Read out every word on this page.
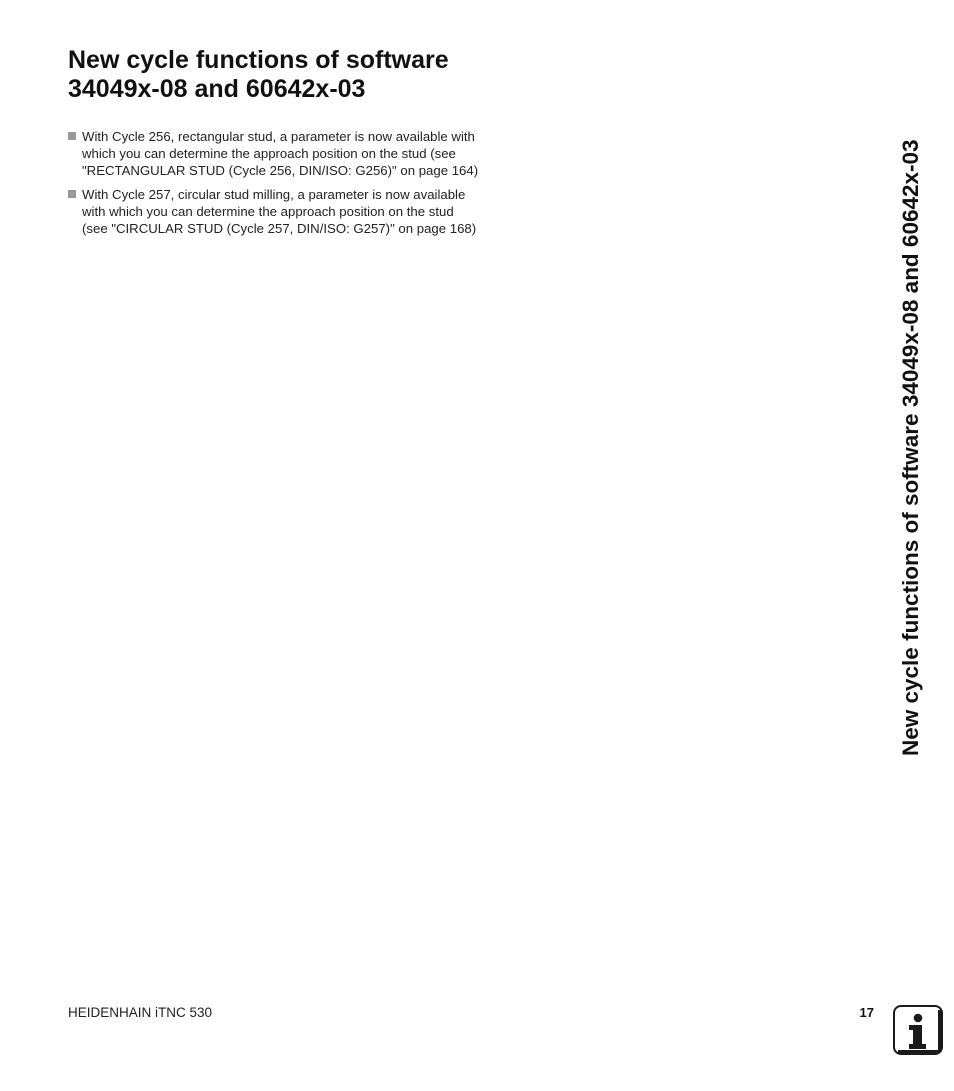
New cycle functions of software
34049x-08 and 60642x-03
With Cycle 256, rectangular stud, a parameter is now available with
which you can determine the approach position on the stud (see
"RECTANGULAR STUD (Cycle 256, DIN/ISO: G256)" on page 164)
With Cycle 257, circular stud milling, a parameter is now available
with which you can determine the approach position on the stud
(see "CIRCULAR STUD (Cycle 257, DIN/ISO: G257)" on page 168)	New cycle functions of software 34049x-08 and 60642x-03
HEIDENHAIN iTNC 530	17
